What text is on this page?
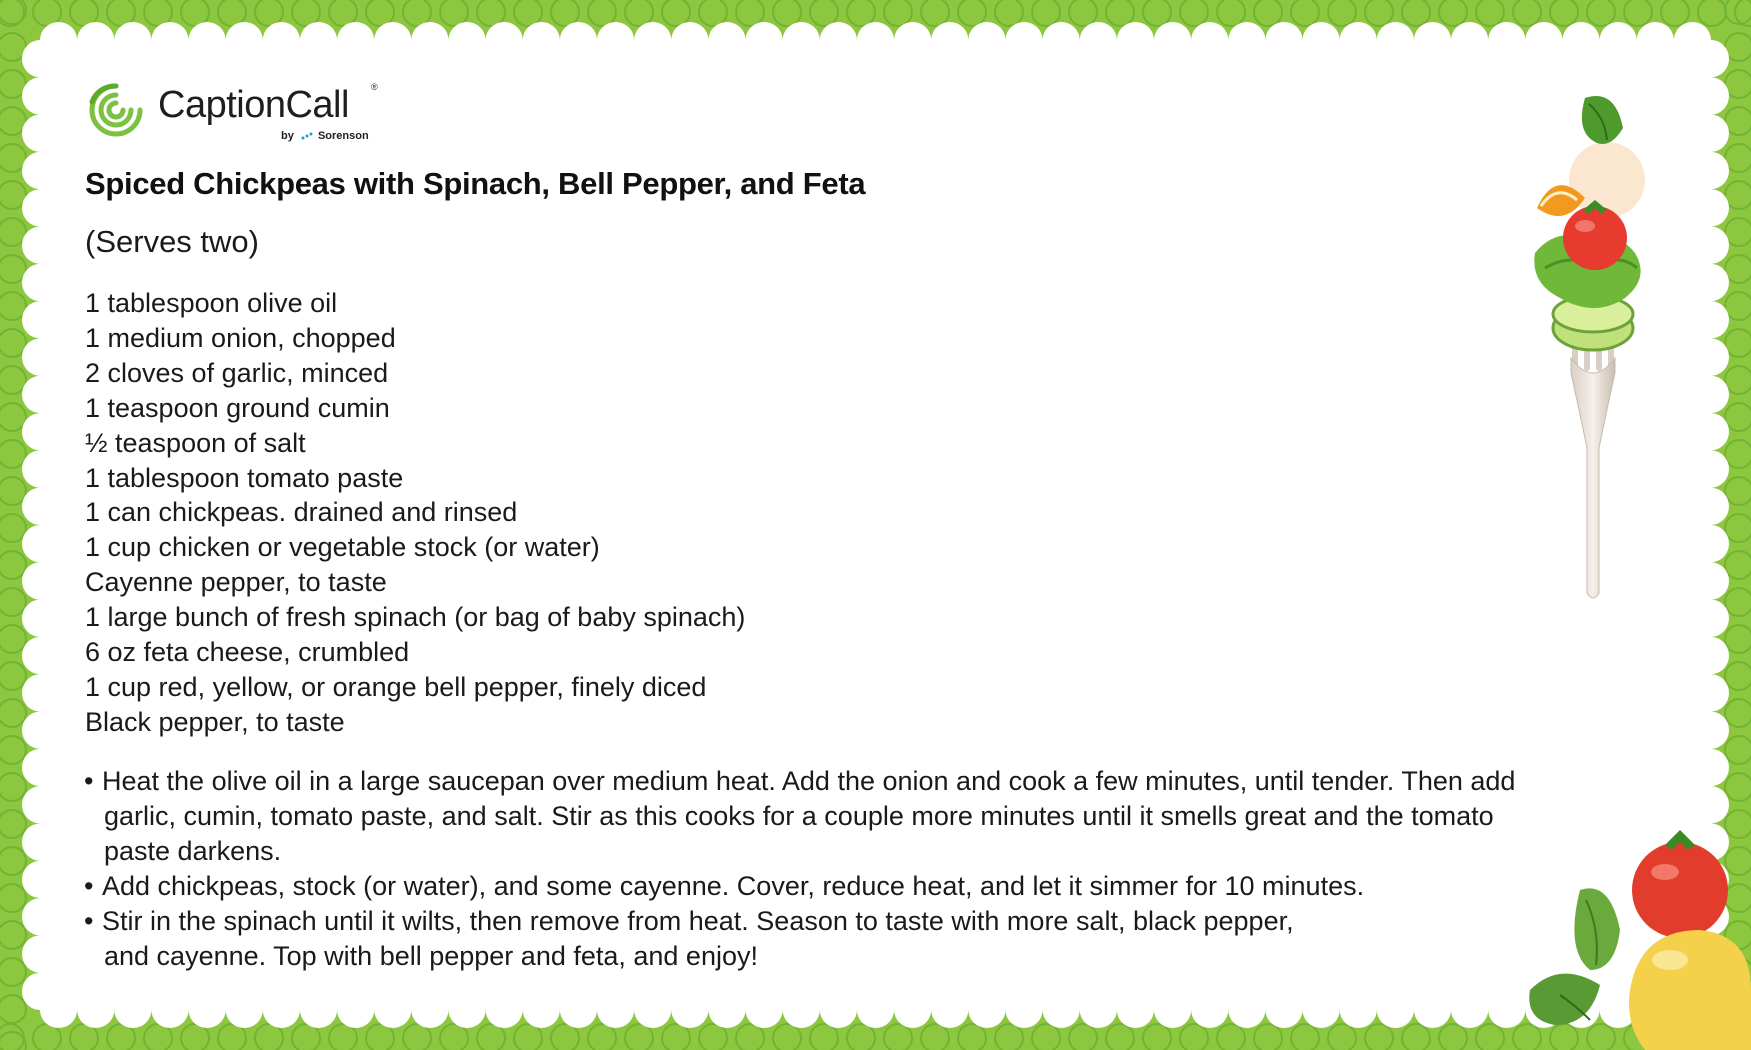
CaptionCall ®
by Sorenson
Spiced Chickpeas with Spinach, Bell Pepper, and Feta
(Serves two)
1 tablespoon olive oil
1 medium onion, chopped
2 cloves of garlic, minced
1 teaspoon ground cumin
½ teaspoon of salt
1 tablespoon tomato paste
1 can chickpeas. drained and rinsed
1 cup chicken or vegetable stock (or water)
Cayenne pepper, to taste
1 large bunch of fresh spinach (or bag of baby spinach)
6 oz feta cheese, crumbled
1 cup red, yellow, or orange bell pepper, finely diced
Black pepper, to taste
• Heat the olive oil in a large saucepan over medium heat. Add the onion and cook a few minutes, until tender. Then add
garlic, cumin, tomato paste, and salt. Stir as this cooks for a couple more minutes until it smells great and the tomato
paste darkens.
• Add chickpeas, stock (or water), and some cayenne. Cover, reduce heat, and let it simmer for 10 minutes.
• Stir in the spinach until it wilts, then remove from heat. Season to taste with more salt, black pepper,
and cayenne. Top with bell pepper and feta, and enjoy!
